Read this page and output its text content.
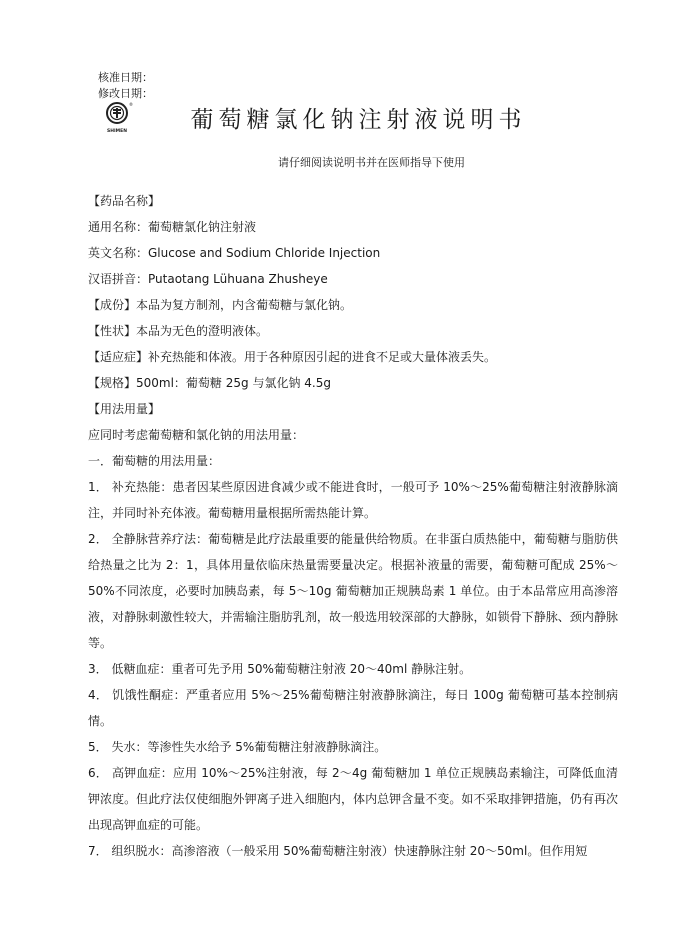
核准日期：
修改日期：
®
SHIMEN	葡萄糖氯化钠注射液说明书
请仔细阅读说明书并在医师指导下使用

【药品名称】

通用名称：葡萄糖氯化钠注射液

英文名称：Glucose and Sodium Chloride Injection

汉语拼音：Putaotang Lühuana Zhusheye

【成份】本品为复方制剂，内含葡萄糖与氯化钠。

【性状】本品为无色的澄明液体。

【适应症】补充热能和体液。用于各种原因引起的进食不足或大量体液丢失。

【规格】500ml：葡萄糖 25g 与氯化钠 4.5g

【用法用量】

应同时考虑葡萄糖和氯化钠的用法用量：

一．葡萄糖的用法用量：

1． 补充热能：患者因某些原因进食减少或不能进食时，一般可予 10%～25%葡萄糖注射液静脉滴注，并同时补充体液。葡萄糖用量根据所需热能计算。

2． 全静脉营养疗法：葡萄糖是此疗法最重要的能量供给物质。在非蛋白质热能中，葡萄糖与脂肪供给热量之比为 2：1，具体用量依临床热量需要量决定。根据补液量的需要，葡萄糖可配成 25%～50%不同浓度，必要时加胰岛素，每 5～10g 葡萄糖加正规胰岛素 1 单位。由于本品常应用高渗溶液，对静脉刺激性较大，并需输注脂肪乳剂，故一般选用较深部的大静脉，如锁骨下静脉、颈内静脉等。

3． 低糖血症：重者可先予用 50%葡萄糖注射液 20～40ml 静脉注射。

4． 饥饿性酮症：严重者应用 5%～25%葡萄糖注射液静脉滴注，每日 100g 葡萄糖可基本控制病情。

5． 失水：等渗性失水给予 5%葡萄糖注射液静脉滴注。

6． 高钾血症：应用 10%～25%注射液，每 2～4g 葡萄糖加 1 单位正规胰岛素输注，可降低血清钾浓度。但此疗法仅使细胞外钾离子进入细胞内，体内总钾含量不变。如不采取排钾措施，仍有再次出现高钾血症的可能。

7． 组织脱水：高渗溶液（一般采用 50%葡萄糖注射液）快速静脉注射 20～50ml。但作用短
